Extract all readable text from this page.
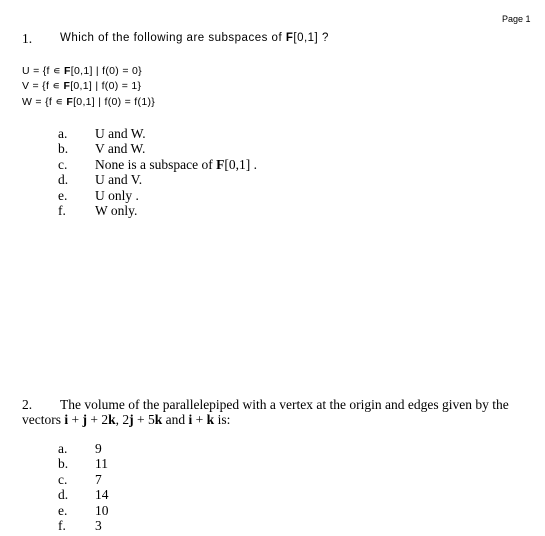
Page 1
1. Which of the following are subspaces of F[0,1] ?
U = {f ∊ F[0,1] | f(0) = 0}
V = {f ∊ F[0,1] | f(0) = 1}
W = {f ∊ F[0,1] | f(0) = f(1)}
a.
b.
c.
d.
e.
f.
U and W.
V and W.
None is a subspace of F[0,1] .
U and V.
U only .
W only.
2. The volume of the parallelepiped with a vertex at the origin and edges given by the
vectors i + j + 2k, 2j + 5k and i + k is:
a.
b.
c.
d.
e.
f.
9
11
7
14
10
3
